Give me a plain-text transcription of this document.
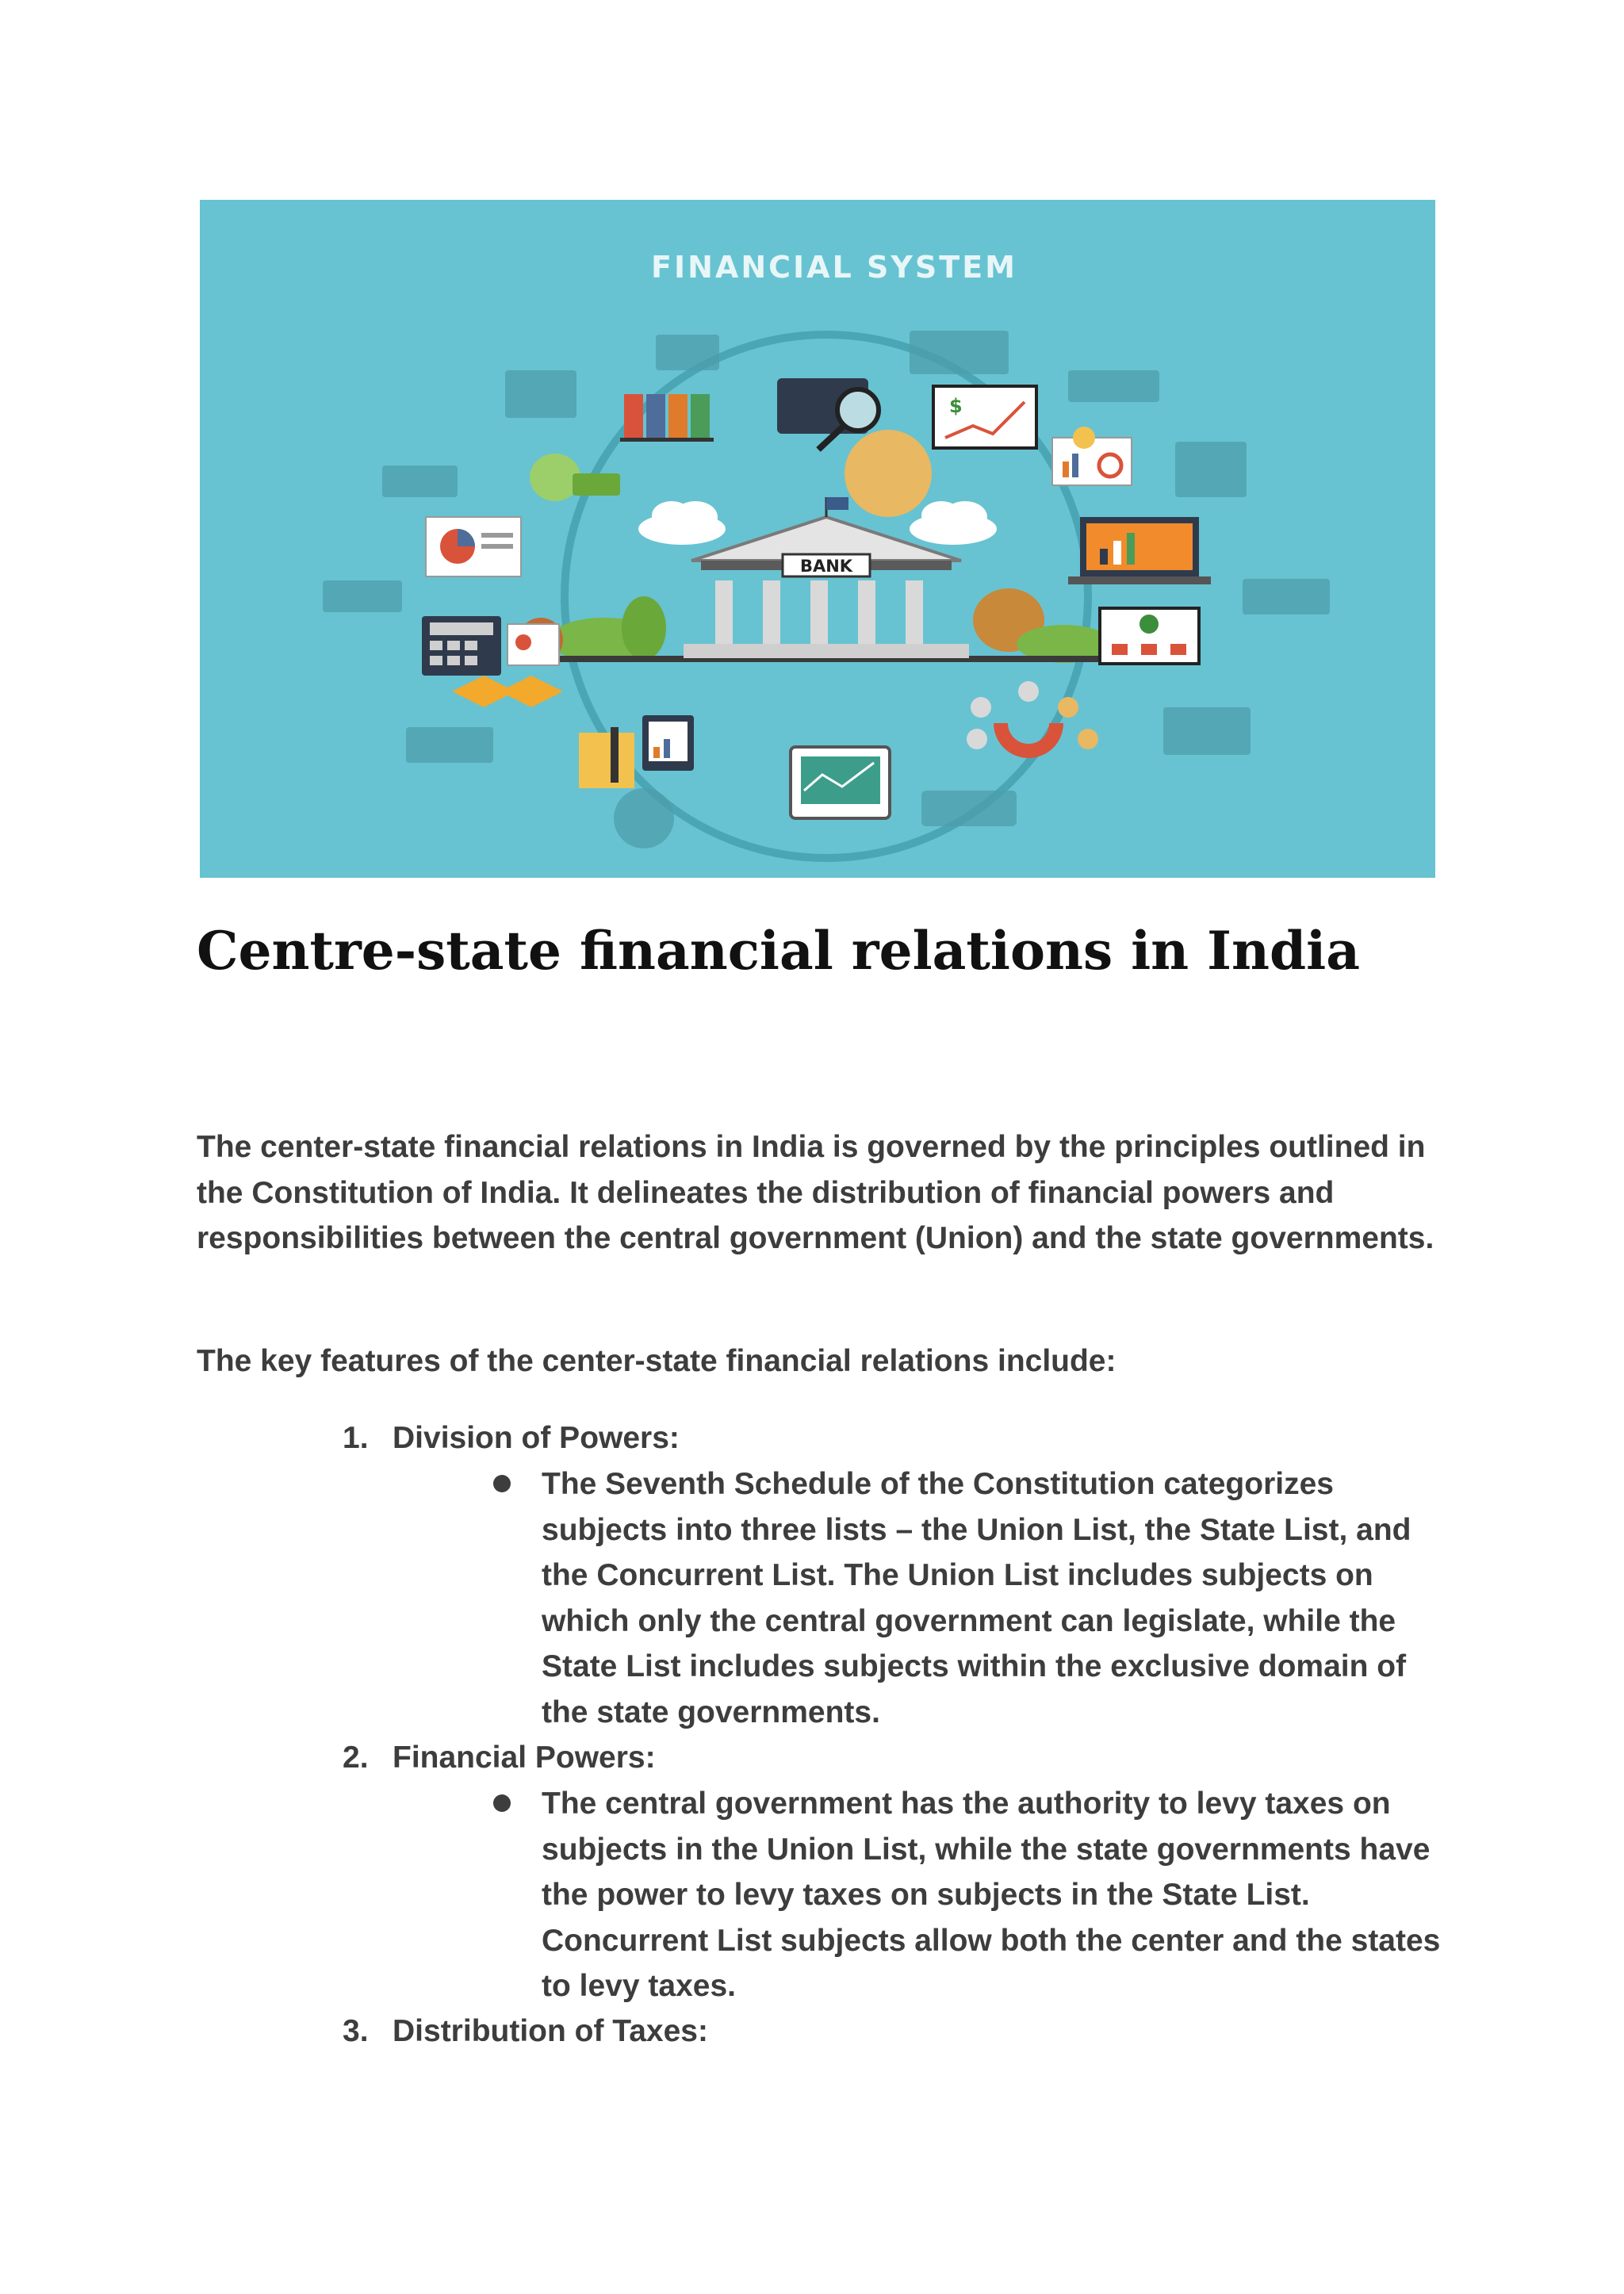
FINANCIAL SYSTEM
BANK
$
Centre-state financial relations in India

The center-state financial relations in India is governed by the principles outlined in the Constitution of India. It delineates the distribution of financial powers and responsibilities between the central government (Union) and the state governments.

The key features of the center-state financial relations include:

1. Division of Powers:

The Seventh Schedule of the Constitution categorizes subjects into three lists – the Union List, the State List, and the Concurrent List. The Union List includes subjects on which only the central government can legislate, while the State List includes subjects within the exclusive domain of the state governments.

2. Financial Powers:

The central government has the authority to levy taxes on subjects in the Union List, while the state governments have the power to levy taxes on subjects in the State List. Concurrent List subjects allow both the center and the states to levy taxes.

3. Distribution of Taxes:
